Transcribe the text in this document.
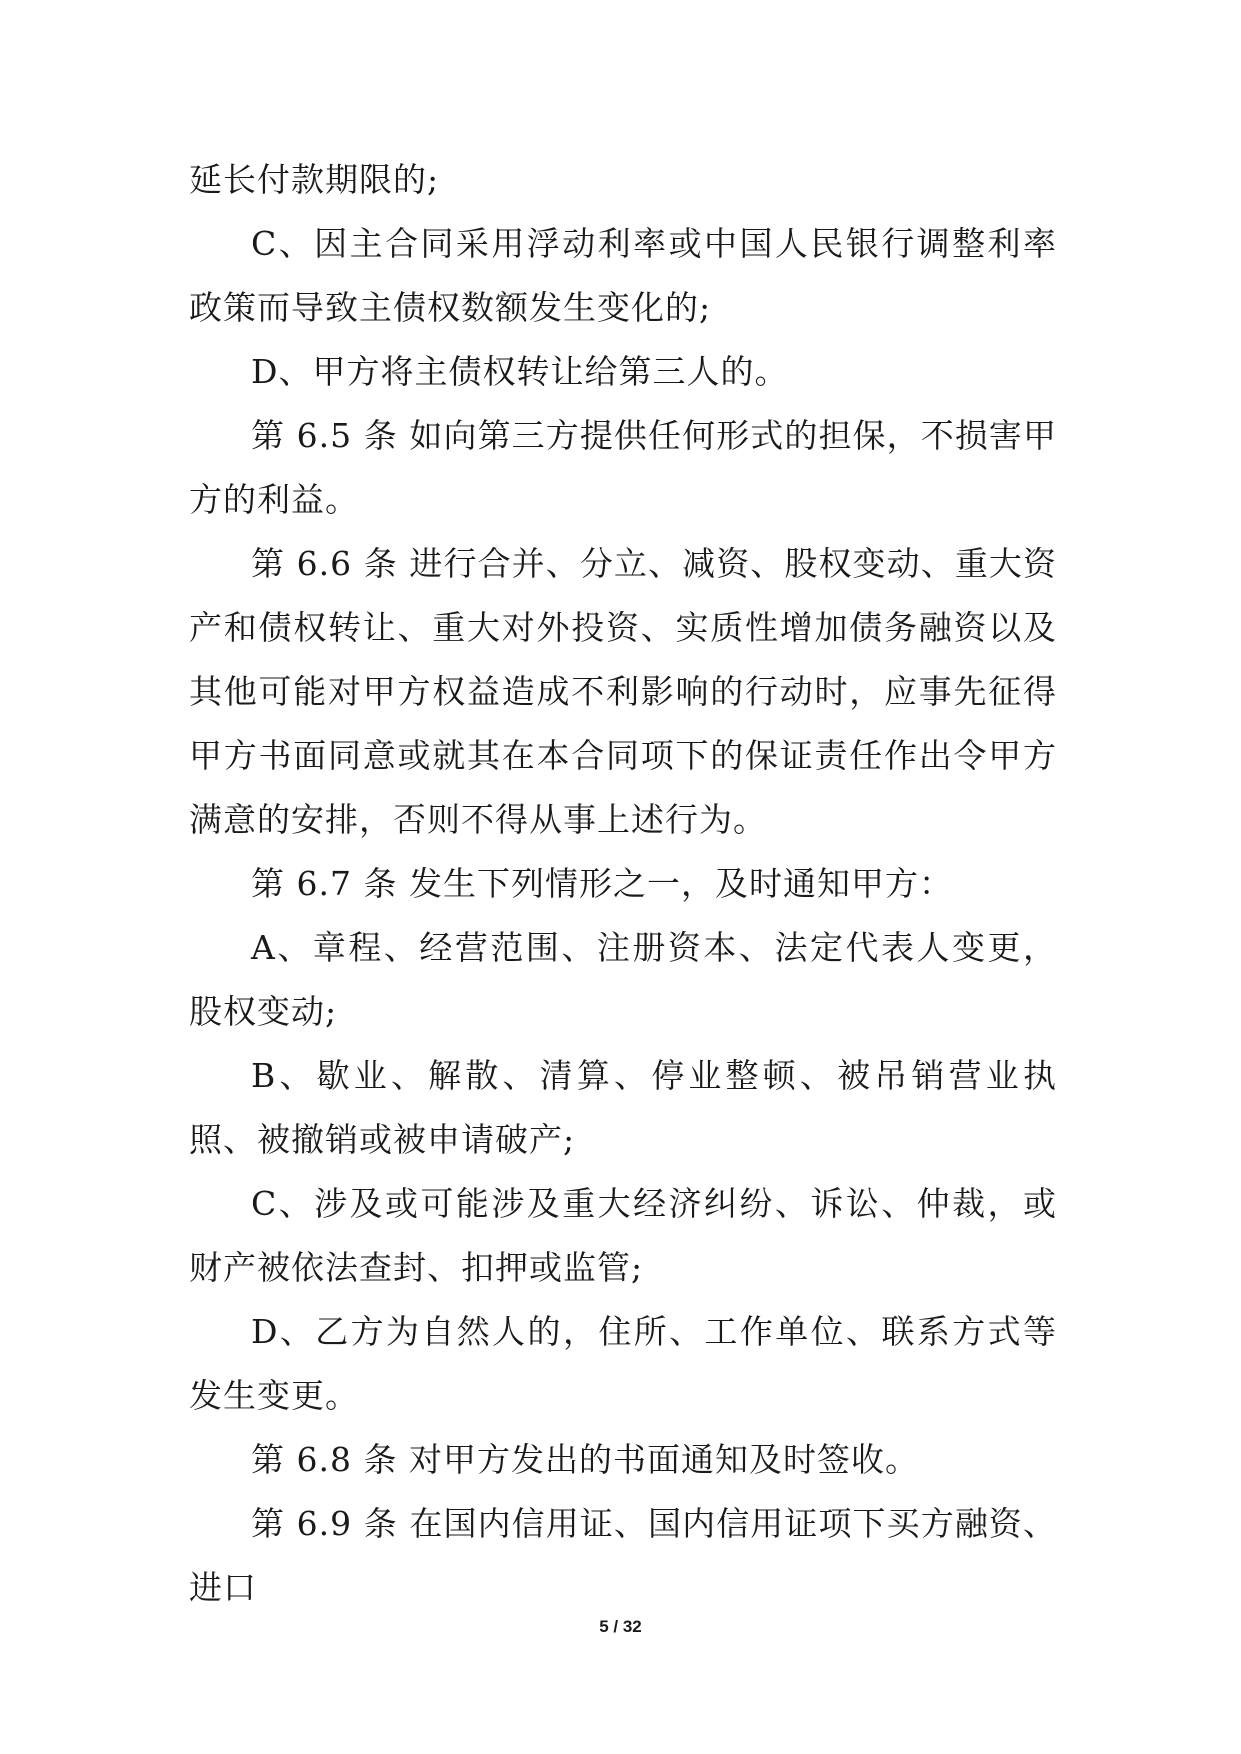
延长付款期限的;

C、因主合同采用浮动利率或中国人民银行调整利率政策而导致主债权数额发生变化的;

D、甲方将主债权转让给第三人的。

第 6.5 条 如向第三方提供任何形式的担保，不损害甲方的利益。

第 6.6 条 进行合并、分立、减资、股权变动、重大资产和债权转让、重大对外投资、实质性增加债务融资以及其他可能对甲方权益造成不利影响的行动时，应事先征得甲方书面同意或就其在本合同项下的保证责任作出令甲方满意的安排，否则不得从事上述行为。

第 6.7 条 发生下列情形之一，及时通知甲方：

A、章程、经营范围、注册资本、法定代表人变更，股权变动;

B、歇业、解散、清算、停业整顿、被吊销营业执照、被撤销或被申请破产;

C、涉及或可能涉及重大经济纠纷、诉讼、仲裁，或财产被依法查封、扣押或监管;

D、乙方为自然人的，住所、工作单位、联系方式等发生变更。

第 6.8 条 对甲方发出的书面通知及时签收。

第 6.9 条 在国内信用证、国内信用证项下买方融资、进口

5 / 32
